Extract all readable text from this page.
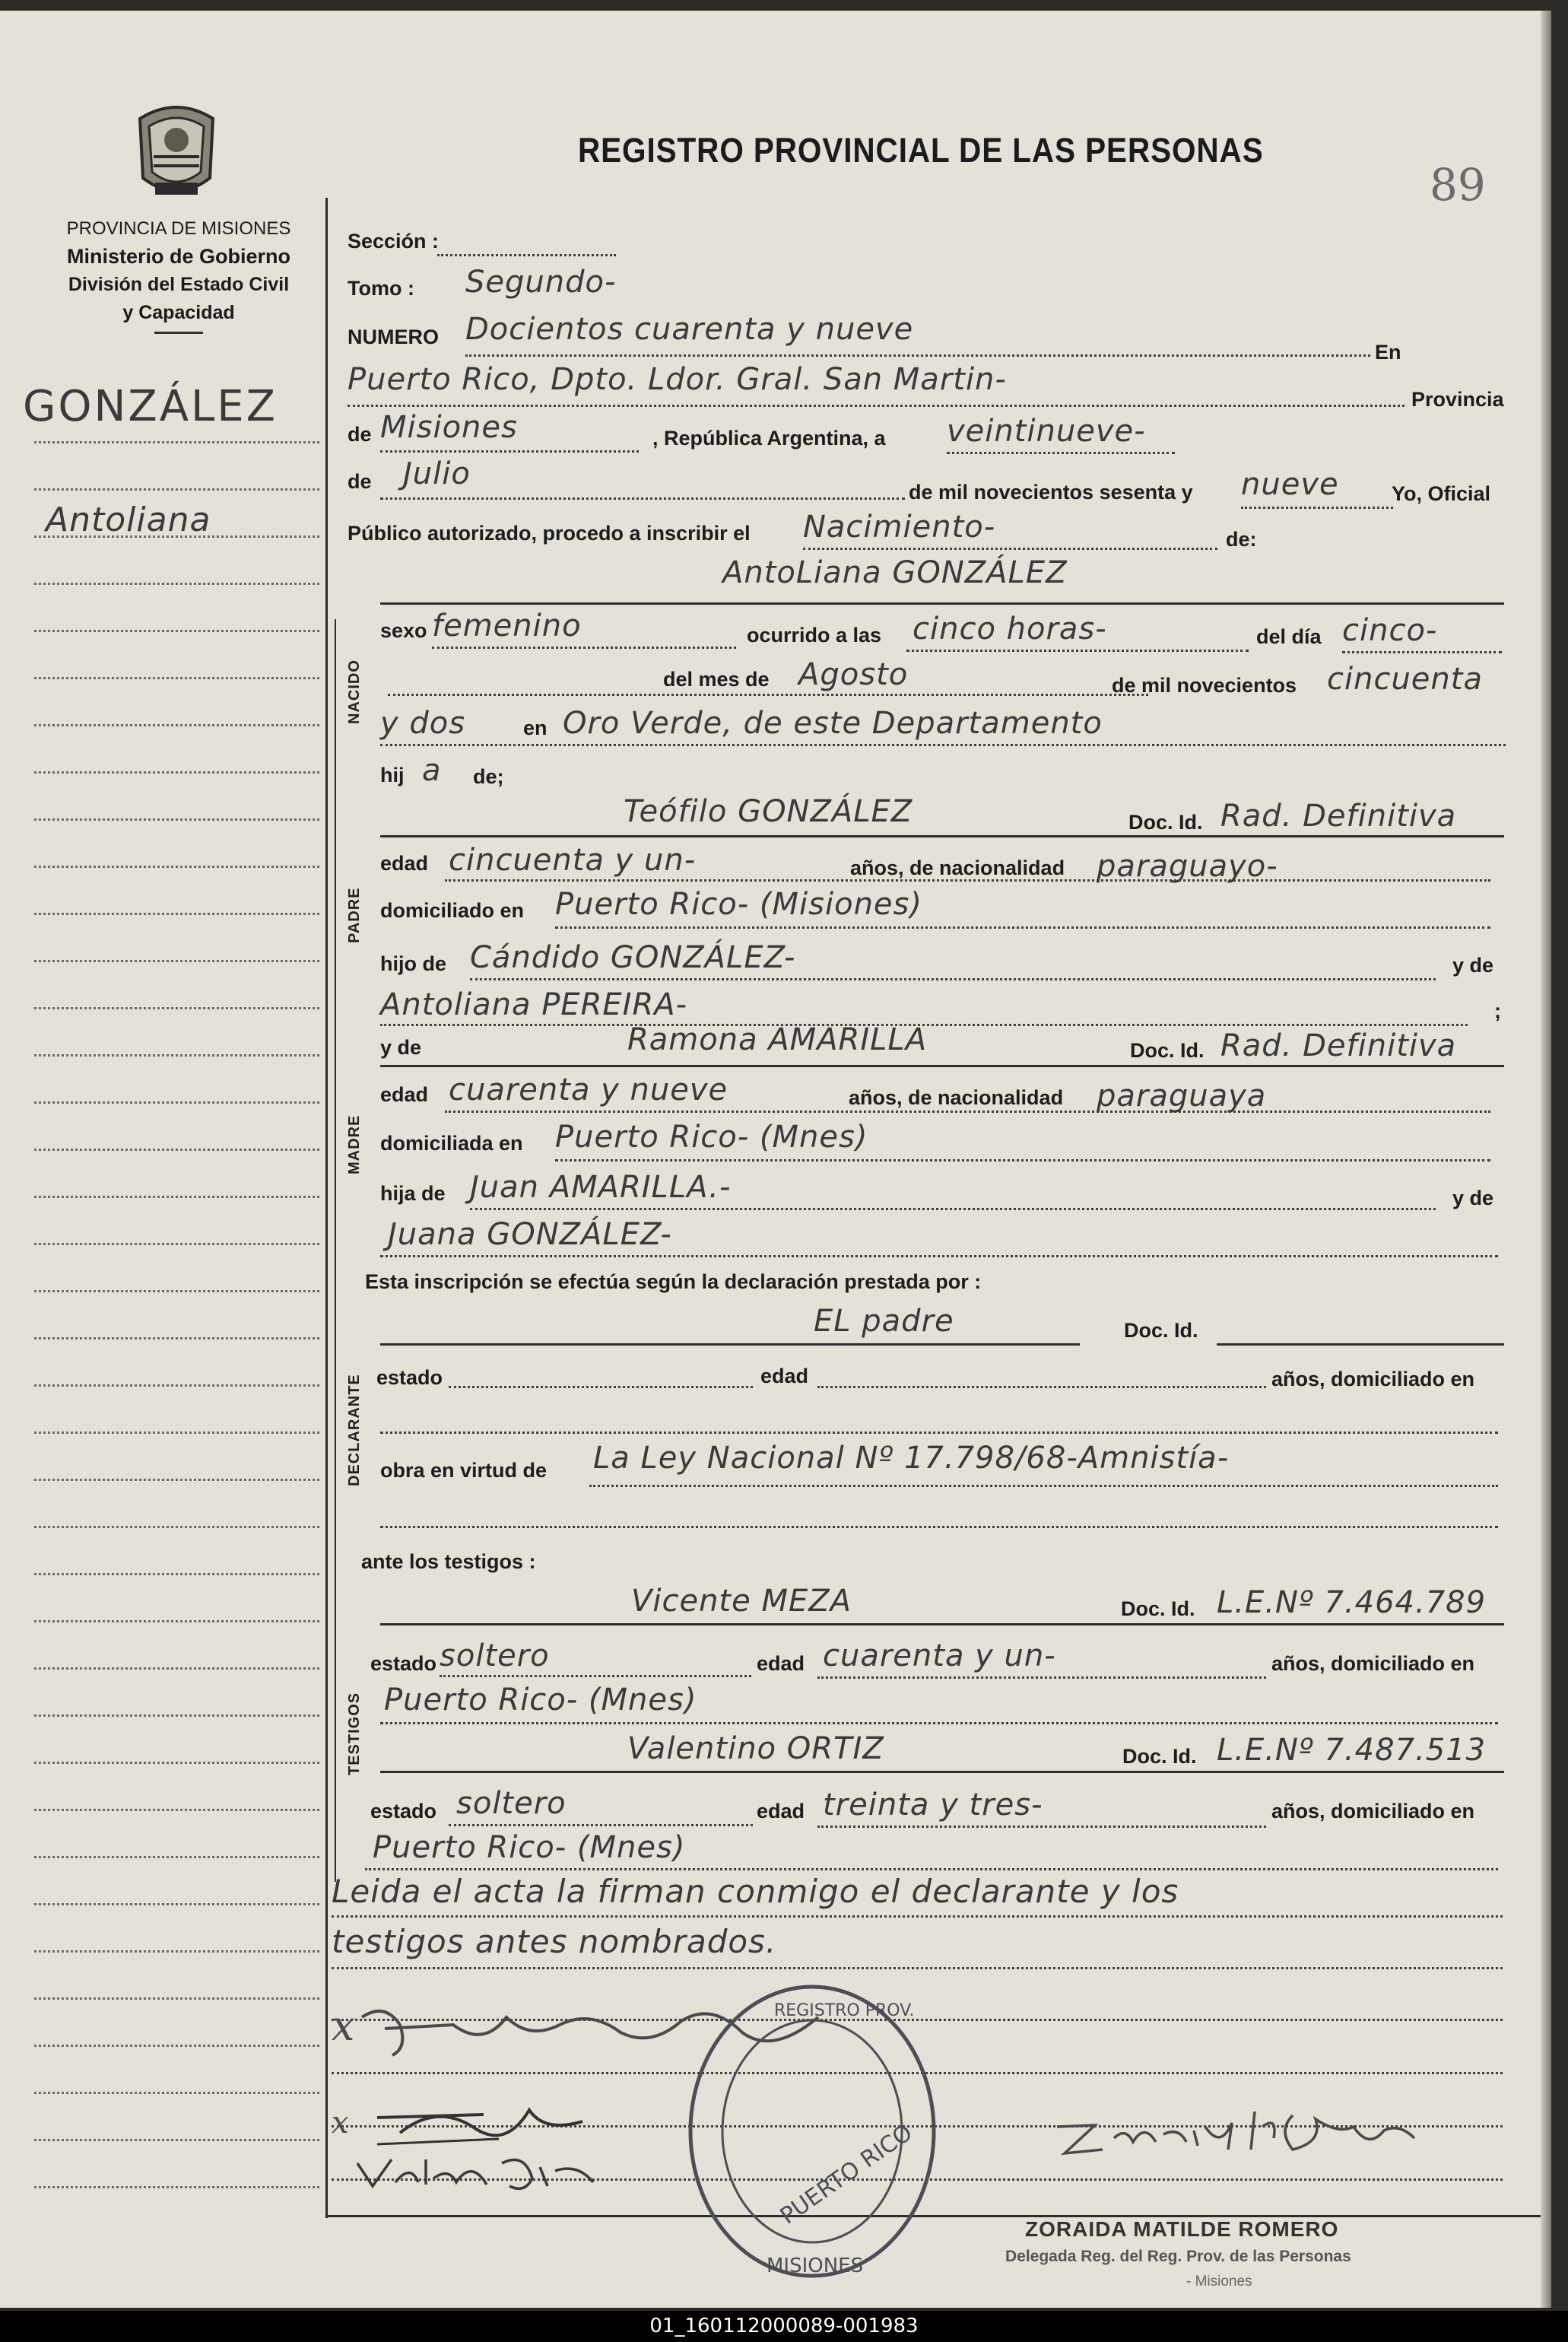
PROVINCIA DE MISIONES
Ministerio de Gobierno
División del Estado Civil
y Capacidad
REGISTRO PROVINCIAL DE LAS PERSONAS
89
GONZÁLEZ
Antoliana
Sección :
Tomo : Segundo-
NUMERO Docientos cuarenta y nueve
En
Puerto Rico, Dpto. Ldor. Gral. San Martin-
Provincia
de Misiones	, República Argentina, a veintinueve-
de Julio
de mil novecientos sesenta y nueve	Yo, Oficial
Público autorizado, procedo a inscribir el Nacimiento-	de:
NACIDO
AntoLiana GONZÁLEZ
sexo femenino	ocurrido a las cinco horas-	del día cinco-
del mes de Agosto	de mil novecientos cincuenta
y dos	en Oro Verde, de este Departamento
hij a de;
PADRE
Teófilo GONZÁLEZ	Doc. Id. Rad. Definitiva
edad cincuenta y un-	años, de nacionalidad paraguayo-
domiciliado en Puerto Rico- (Misiones)
hijo de Cándido GONZÁLEZ-	y de
Antoliana PEREIRA-	;
MADRE
y de	Ramona AMARILLA	Doc. Id. Rad. Definitiva
edad cuarenta y nueve	años, de nacionalidad paraguaya
domiciliada en Puerto Rico- (Mnes)
hija de Juan AMARILLA.-	y de
Juana GONZÁLEZ-
Esta inscripción se efectúa según la declaración prestada por :
DECLARANTE
EL padre	Doc. Id.
estado	edad	años, domiciliado en
obra en virtud de La Ley Nacional Nº 17.798/68-Amnistía-
ante los testigos :
TESTIGOS
Vicente MEZA	Doc. Id. L.E.Nº 7.464.789
estado soltero	edad cuarenta y un-	años, domiciliado en
Puerto Rico- (Mnes)
Valentino ORTIZ	Doc. Id. L.E.Nº 7.487.513
estado soltero	edad treinta y tres-	años, domiciliado en
Puerto Rico- (Mnes)
Leida el acta la firman conmigo el declarante y los
testigos antes nombrados.
x
x
REGISTRO PROV.
PUERTO RICO
MISIONES
ZORAIDA MATILDE ROMERO
Delegada Reg. del Reg. Prov. de las Personas
- Misiones
01_160112000089-001983
